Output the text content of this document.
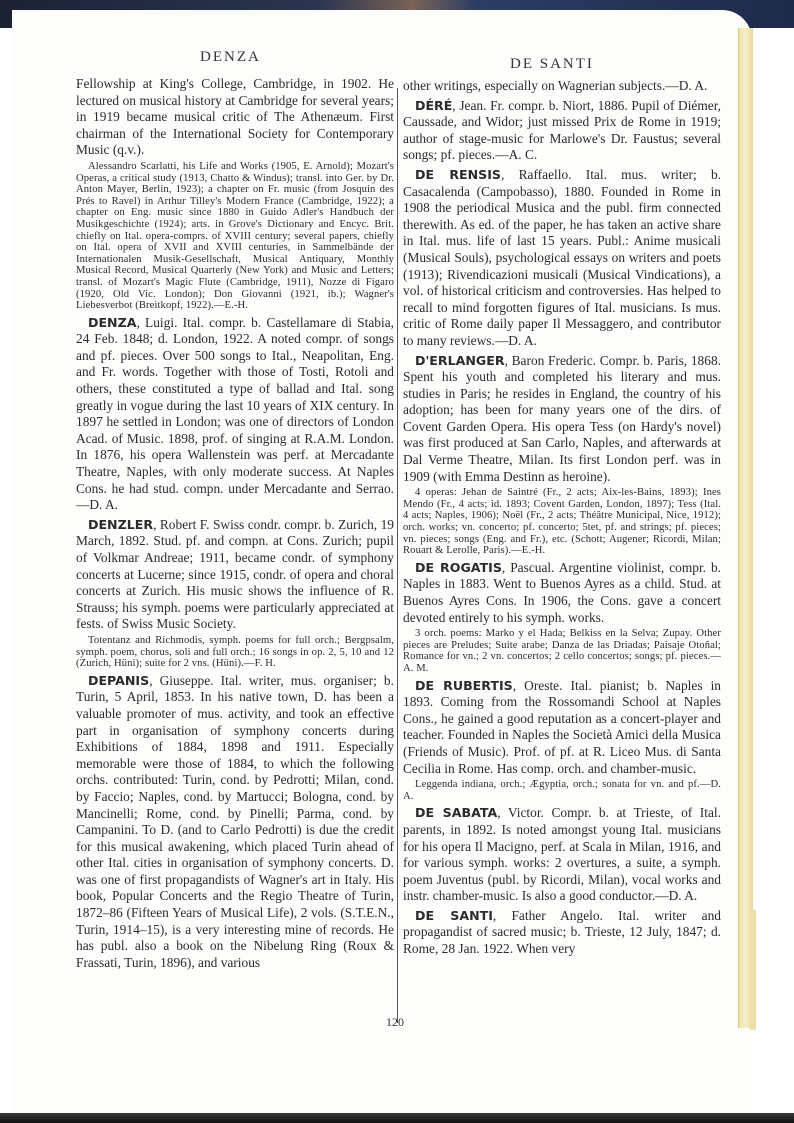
DENZA	DE SANTI

Fellowship at King's College, Cambridge, in 1902. He lectured on musical history at Cambridge for several years; in 1919 became musical critic of The Athenæum. First chairman of the International Society for Contemporary Music (q.v.).

Alessandro Scarlatti, his Life and Works (1905, E. Arnold); Mozart's Operas, a critical study (1913, Chatto & Windus); transl. into Ger. by Dr. Anton Mayer, Berlin, 1923); a chapter on Fr. music (from Josquin des Prés to Ravel) in Arthur Tilley's Modern France (Cambridge, 1922); a chapter on Eng. music since 1880 in Guido Adler's Handbuch der Musikgeschichte (1924); arts. in Grove's Dictionary and Encyc. Brit. chiefly on Ital. opera-comprs. of XVIII century; several papers, chiefly on Ital. opera of XVII and XVIII centuries, in Sammelbände der Internationalen Musik-Gesellschaft, Musical Antiquary, Monthly Musical Record, Musical Quarterly (New York) and Music and Letters; transl. of Mozart's Magic Flute (Cambridge, 1911), Nozze di Figaro (1920, Old Vic. London); Don Giovanni (1921, ib.); Wagner's Liebesverbot (Breitkopf, 1922).—E.-H.

DENZA, Luigi. Ital. compr. b. Castellamare di Stabia, 24 Feb. 1848; d. London, 1922. A noted compr. of songs and pf. pieces. Over 500 songs to Ital., Neapolitan, Eng. and Fr. words. Together with those of Tosti, Rotoli and others, these constituted a type of ballad and Ital. song greatly in vogue during the last 10 years of XIX century. In 1897 he settled in London; was one of directors of London Acad. of Music. 1898, prof. of singing at R.A.M. London. In 1876, his opera Wallenstein was perf. at Mercadante Theatre, Naples, with only moderate success. At Naples Cons. he had stud. compn. under Mercadante and Serrao.—D. A.

DENZLER, Robert F. Swiss condr. compr. b. Zurich, 19 March, 1892. Stud. pf. and compn. at Cons. Zurich; pupil of Volkmar Andreae; 1911, became condr. of symphony concerts at Lucerne; since 1915, condr. of opera and choral concerts at Zurich. His music shows the influence of R. Strauss; his symph. poems were particularly appreciated at fests. of Swiss Music Society.

Totentanz and Richmodis, symph. poems for full orch.; Bergpsalm, symph. poem, chorus, soli and full orch.; 16 songs in op. 2, 5, 10 and 12 (Zurich, Hüni); suite for 2 vns. (Hüni).—F. H.

DEPANIS, Giuseppe. Ital. writer, mus. organiser; b. Turin, 5 April, 1853. In his native town, D. has been a valuable promoter of mus. activity, and took an effective part in organisation of symphony concerts during Exhibitions of 1884, 1898 and 1911. Especially memorable were those of 1884, to which the following orchs. contributed: Turin, cond. by Pedrotti; Milan, cond. by Faccio; Naples, cond. by Martucci; Bologna, cond. by Mancinelli; Rome, cond. by Pinelli; Parma, cond. by Campanini. To D. (and to Carlo Pedrotti) is due the credit for this musical awakening, which placed Turin ahead of other Ital. cities in organisation of symphony concerts. D. was one of first propagandists of Wagner's art in Italy. His book, Popular Concerts and the Regio Theatre of Turin, 1872–86 (Fifteen Years of Musical Life), 2 vols. (S.T.E.N., Turin, 1914–15), is a very interesting mine of records. He has publ. also a book on the Nibelung Ring (Roux & Frassati, Turin, 1896), and various

other writings, especially on Wagnerian subjects.—D. A.

DÉRÉ, Jean. Fr. compr. b. Niort, 1886. Pupil of Diémer, Caussade, and Widor; just missed Prix de Rome in 1919; author of stage-music for Marlowe's Dr. Faustus; several songs; pf. pieces.—A. C.

DE RENSIS, Raffaello. Ital. mus. writer; b. Casacalenda (Campobasso), 1880. Founded in Rome in 1908 the periodical Musica and the publ. firm connected therewith. As ed. of the paper, he has taken an active share in Ital. mus. life of last 15 years. Publ.: Anime musicali (Musical Souls), psychological essays on writers and poets (1913); Rivendicazioni musicali (Musical Vindications), a vol. of historical criticism and controversies. Has helped to recall to mind forgotten figures of Ital. musicians. Is mus. critic of Rome daily paper Il Messaggero, and contributor to many reviews.—D. A.

D'ERLANGER, Baron Frederic. Compr. b. Paris, 1868. Spent his youth and completed his literary and mus. studies in Paris; he resides in England, the country of his adoption; has been for many years one of the dirs. of Covent Garden Opera. His opera Tess (on Hardy's novel) was first produced at San Carlo, Naples, and afterwards at Dal Verme Theatre, Milan. Its first London perf. was in 1909 (with Emma Destinn as heroine).

4 operas: Jehan de Saintré (Fr., 2 acts; Aix-les-Bains, 1893); Ines Mendo (Fr., 4 acts; id. 1893; Covent Garden, London, 1897); Tess (Ital. 4 acts; Naples, 1906); Noël (Fr., 2 acts; Théâtre Municipal, Nice, 1912); orch. works; vn. concerto; pf. concerto; 5tet, pf. and strings; pf. pieces; vn. pieces; songs (Eng. and Fr.), etc. (Schott; Augener; Ricordi, Milan; Rouart & Lerolle, Paris).—E.-H.

DE ROGATIS, Pascual. Argentine violinist, compr. b. Naples in 1883. Went to Buenos Ayres as a child. Stud. at Buenos Ayres Cons. In 1906, the Cons. gave a concert devoted entirely to his symph. works.

3 orch. poems: Marko y el Hada; Belkiss en la Selva; Zupay. Other pieces are Preludes; Suite arabe; Danza de las Driadas; Paisaje Otoñal; Romance for vn.; 2 vn. concertos; 2 cello concertos; songs; pf. pieces.—A. M.

DE RUBERTIS, Oreste. Ital. pianist; b. Naples in 1893. Coming from the Rossomandi School at Naples Cons., he gained a good reputation as a concert-player and teacher. Founded in Naples the Società Amici della Musica (Friends of Music). Prof. of pf. at R. Liceo Mus. di Santa Cecilia in Rome. Has comp. orch. and chamber-music.

Leggenda indiana, orch.; Ægyptia, orch.; sonata for vn. and pf.—D. A.

DE SABATA, Victor. Compr. b. at Trieste, of Ital. parents, in 1892. Is noted amongst young Ital. musicians for his opera Il Macigno, perf. at Scala in Milan, 1916, and for various symph. works: 2 overtures, a suite, a symph. poem Juventus (publ. by Ricordi, Milan), vocal works and instr. chamber-music. Is also a good conductor.—D. A.

DE SANTI, Father Angelo. Ital. writer and propagandist of sacred music; b. Trieste, 12 July, 1847; d. Rome, 28 Jan. 1922. When very

120
